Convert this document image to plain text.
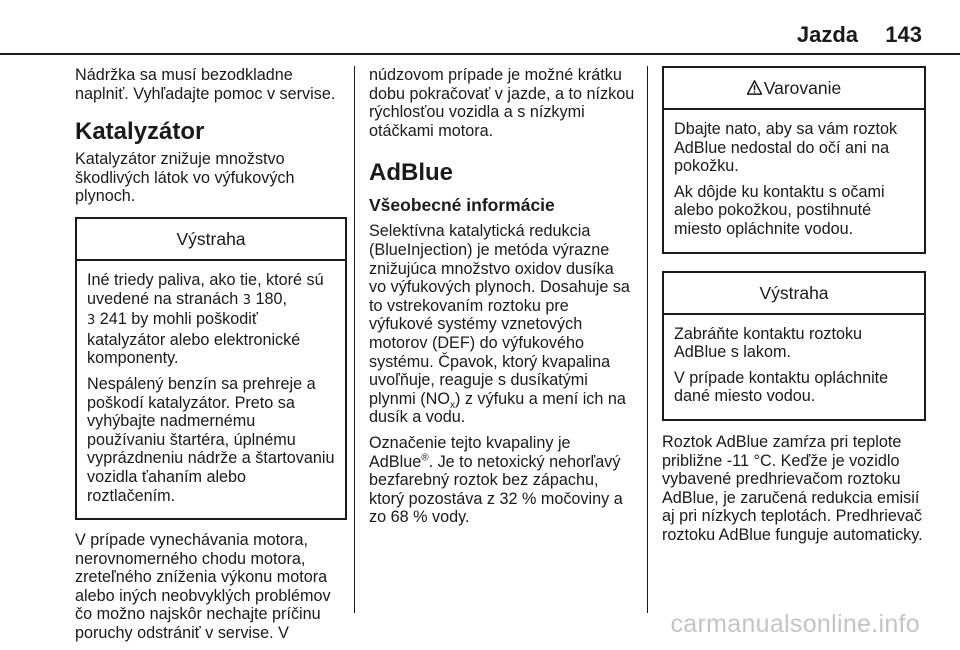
Jazda 143

Nádržka sa musí bezodkladne naplniť. Vyhľadajte pomoc v servise.

Katalyzátor

Katalyzátor znižuje množstvo škodlivých látok vo výfukových plynoch.

Výstraha

Iné triedy paliva, ako tie, ktoré sú uvedené na stranách 3 180,
3 241 by mohli poškodiť katalyzátor alebo elektronické komponenty.

Nespálený benzín sa prehreje a poškodí katalyzátor. Preto sa vyhýbajte nadmernému používaniu štartéra, úplnému vyprázdneniu nádrže a štartovaniu vozidla ťahaním alebo roztlačením.

V prípade vynechávania motora, nerovnomerného chodu motora, zreteľného zníženia výkonu motora alebo iných neobvyklých problémov čo možno najskôr nechajte príčinu poruchy odstrániť v servise. V

núdzovom prípade je možné krátku dobu pokračovať v jazde, a to nízkou rýchlosťou vozidla a s nízkymi otáčkami motora.

AdBlue
Všeobecné informácie

Selektívna katalytická redukcia (BlueInjection) je metóda výrazne znižujúca množstvo oxidov dusíka vo výfukových plynoch. Dosahuje sa to vstrekovaním roztoku pre výfukové systémy vznetových motorov (DEF) do výfukového systému. Čpavok, ktorý kvapalina uvoľňuje, reaguje s dusíkatými plynmi $(NO_x)$ z výfuku a mení ich na dusík a vodu.

Označenie tejto kvapaliny je AdBlue®. Je to netoxický nehorľavý bezfarebný roztok bez zápachu, ktorý pozostáva z 32 % močoviny a zo 68 % vody.

Varovanie

Dbajte nato, aby sa vám roztok AdBlue nedostal do očí ani na pokožku.

Ak dôjde ku kontaktu s očami alebo pokožkou, postihnuté miesto opláchnite vodou.

Výstraha

Zabráňte kontaktu roztoku AdBlue s lakom.

V prípade kontaktu opláchnite dané miesto vodou.

Roztok AdBlue zamŕza pri teplote približne -11 °C. Keďže je vozidlo vybavené predhrievačom roztoku AdBlue, je zaručená redukcia emisií aj pri nízkych teplotách. Predhrievač roztoku AdBlue funguje automaticky.

carmanualsonline.info
